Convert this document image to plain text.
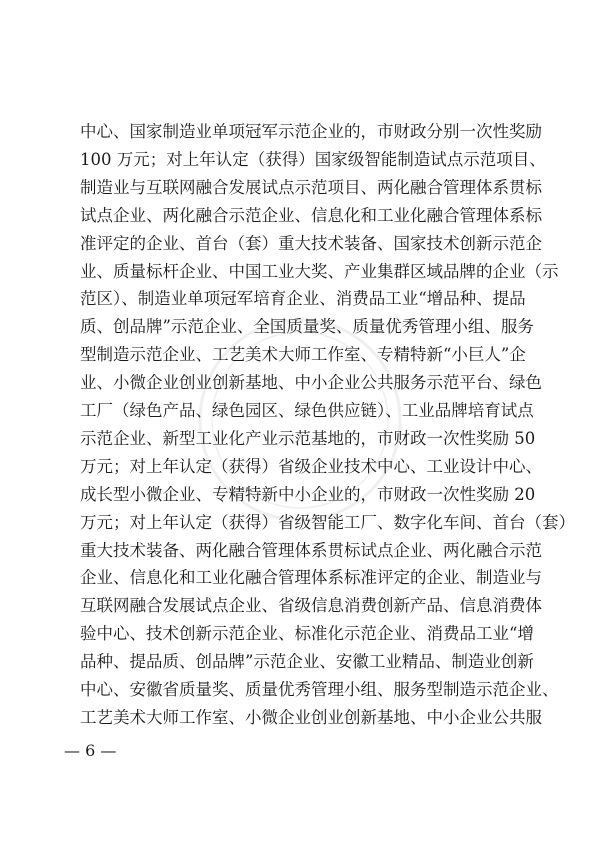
中心、国家制造业单项冠军示范企业的，市财政分别一次性奖励
100 万元；对上年认定（获得）国家级智能制造试点示范项目、
制造业与互联网融合发展试点示范项目、两化融合管理体系贯标
试点企业、两化融合示范企业、信息化和工业化融合管理体系标
准评定的企业、首台（套）重大技术装备、国家技术创新示范企
业、质量标杆企业、中国工业大奖、产业集群区域品牌的企业（示
范区）、制造业单项冠军培育企业、消费品工业“增品种、提品
质、创品牌”示范企业、全国质量奖、质量优秀管理小组、服务
型制造示范企业、工艺美术大师工作室、专精特新“小巨人”企
业、小微企业创业创新基地、中小企业公共服务示范平台、绿色
工厂（绿色产品、绿色园区、绿色供应链）、工业品牌培育试点
示范企业、新型工业化产业示范基地的，市财政一次性奖励 50
万元；对上年认定（获得）省级企业技术中心、工业设计中心、
成长型小微企业、专精特新中小企业的，市财政一次性奖励 20
万元；对上年认定（获得）省级智能工厂、数字化车间、首台（套）
重大技术装备、两化融合管理体系贯标试点企业、两化融合示范
企业、信息化和工业化融合管理体系标准评定的企业、制造业与
互联网融合发展试点企业、省级信息消费创新产品、信息消费体
验中心、技术创新示范企业、标准化示范企业、消费品工业“增
品种、提品质、创品牌”示范企业、安徽工业精品、制造业创新
中心、安徽省质量奖、质量优秀管理小组、服务型制造示范企业、
工艺美术大师工作室、小微企业创业创新基地、中小企业公共服
— 6 —
